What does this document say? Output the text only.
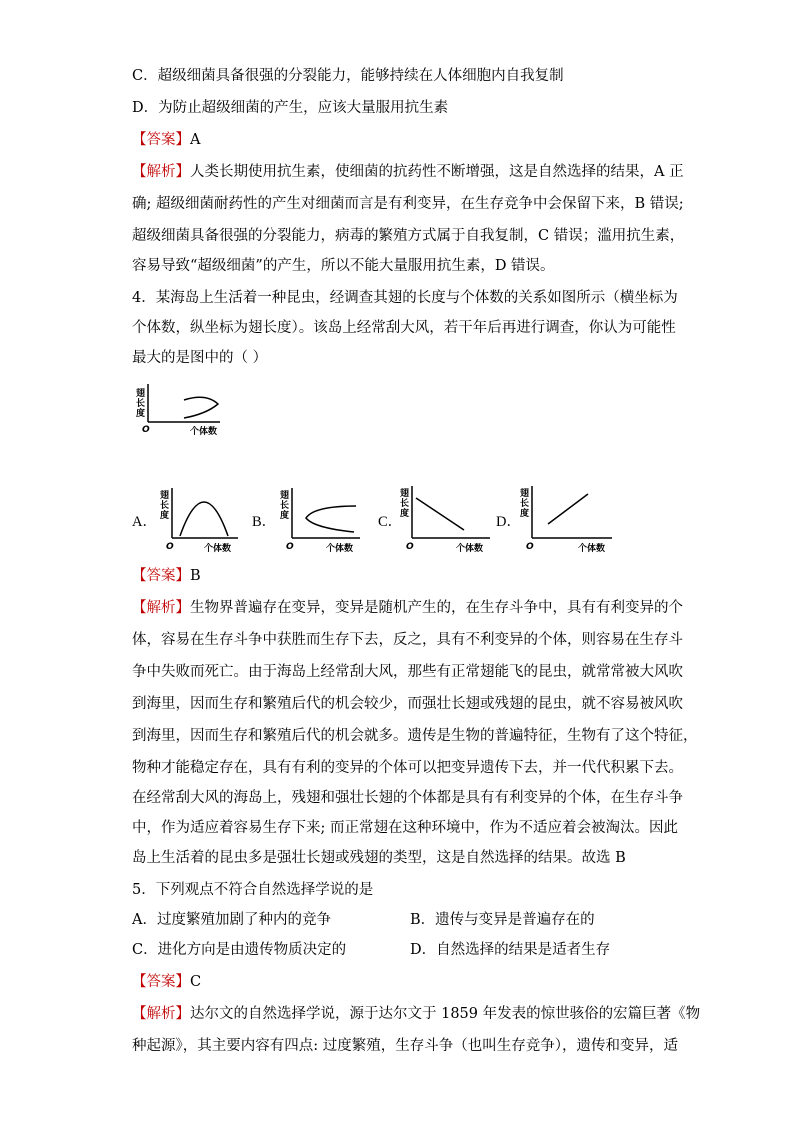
C．超级细菌具备很强的分裂能力，能够持续在人体细胞内自我复制
D．为防止超级细菌的产生，应该大量服用抗生素
【答案】A
【解析】人类长期使用抗生素，使细菌的抗药性不断增强，这是自然选择的结果，A 正
确; 超级细菌耐药性的产生对细菌而言是有利变异，在生存竞争中会保留下来，B 错误;
超级细菌具备很强的分裂能力，病毒的繁殖方式属于自我复制，C 错误；滥用抗生素，
容易导致“超级细菌”的产生，所以不能大量服用抗生素，D 错误。
4．某海岛上生活着一种昆虫，经调查其翅的长度与个体数的关系如图所示（横坐标为
个体数，纵坐标为翅长度）。该岛上经常刮大风，若干年后再进行调查，你认为可能性
最大的是图中的（ ）
翅
长
度
O	个体数
A．
翅
长
度
O	个体数
B．
翅
长
度
O	个体数
C．
翅
长
度
O	个体数
D．
翅
长
度
O	个体数
【答案】B
【解析】生物界普遍存在变异，变异是随机产生的，在生存斗争中，具有有利变异的个
体，容易在生存斗争中获胜而生存下去，反之，具有不利变异的个体，则容易在生存斗
争中失败而死亡。由于海岛上经常刮大风，那些有正常翅能飞的昆虫，就常常被大风吹
到海里，因而生存和繁殖后代的机会较少，而强壮长翅或残翅的昆虫，就不容易被风吹
到海里，因而生存和繁殖后代的机会就多。遗传是生物的普遍特征，生物有了这个特征，
物种才能稳定存在，具有有利的变异的个体可以把变异遗传下去，并一代代积累下去。
在经常刮大风的海岛上，残翅和强壮长翅的个体都是具有有利变异的个体，在生存斗争
中，作为适应着容易生存下来; 而正常翅在这种环境中，作为不适应着会被淘汰。因此
岛上生活着的昆虫多是强壮长翅或残翅的类型，这是自然选择的结果。故选 B
5．下列观点不符合自然选择学说的是
A．过度繁殖加剧了种内的竞争	B．遗传与变异是普遍存在的
C．进化方向是由遗传物质决定的	D．自然选择的结果是适者生存
【答案】C
【解析】达尔文的自然选择学说，源于达尔文于 1859 年发表的惊世骇俗的宏篇巨著《物
种起源》，其主要内容有四点: 过度繁殖，生存斗争（也叫生存竞争），遗传和变异，适
